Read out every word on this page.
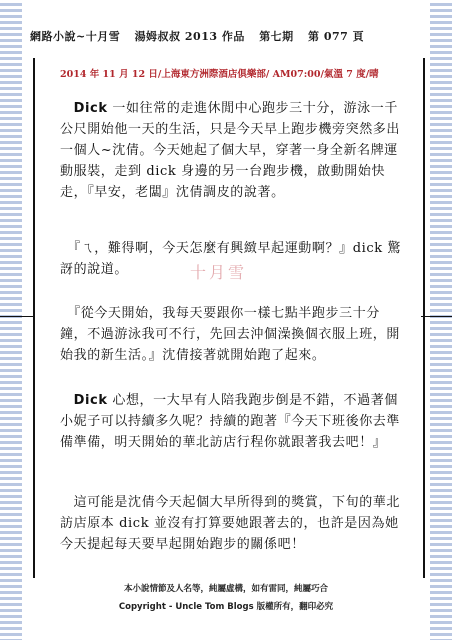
網路小說~十月雪 湯姆叔叔 2013 作品 第七期 第 077 頁
2014 年 11 月 12 日/上海東方洲際酒店俱樂部/ AM07:00/氣溫 7 度/晴
十月雪
　Dick 一如往常的走進休閒中心跑步三十分，游泳一千公尺開始他一天的生活，只是今天早上跑步機旁突然多出一個人~沈倩。今天她起了個大早，穿著一身全新名牌運動服裝，走到 dick 身邊的另一台跑步機，啟動開始快走，『早安，老闆』沈倩調皮的說著。
　『ㄟ，難得啊，今天怎麼有興緻早起運動啊？』dick 驚訝的說道。
　『從今天開始，我每天要跟你一樣七點半跑步三十分鐘，不過游泳我可不行，先回去沖個澡換個衣服上班，開始我的新生活。』沈倩接著就開始跑了起來。
　Dick 心想，一大早有人陪我跑步倒是不錯，不過著個小妮子可以持續多久呢？持續的跑著『今天下班後你去準備準備，明天開始的華北訪店行程你就跟著我去吧！』
　這可能是沈倩今天起個大早所得到的獎賞，下旬的華北訪店原本 dick 並沒有打算要她跟著去的，也許是因為她今天提起每天要早起開始跑步的關係吧！
本小說情節及人名等，純屬虛構，如有雷同，純屬巧合
Copyright - Uncle Tom Blogs 版權所有，翻印必究
